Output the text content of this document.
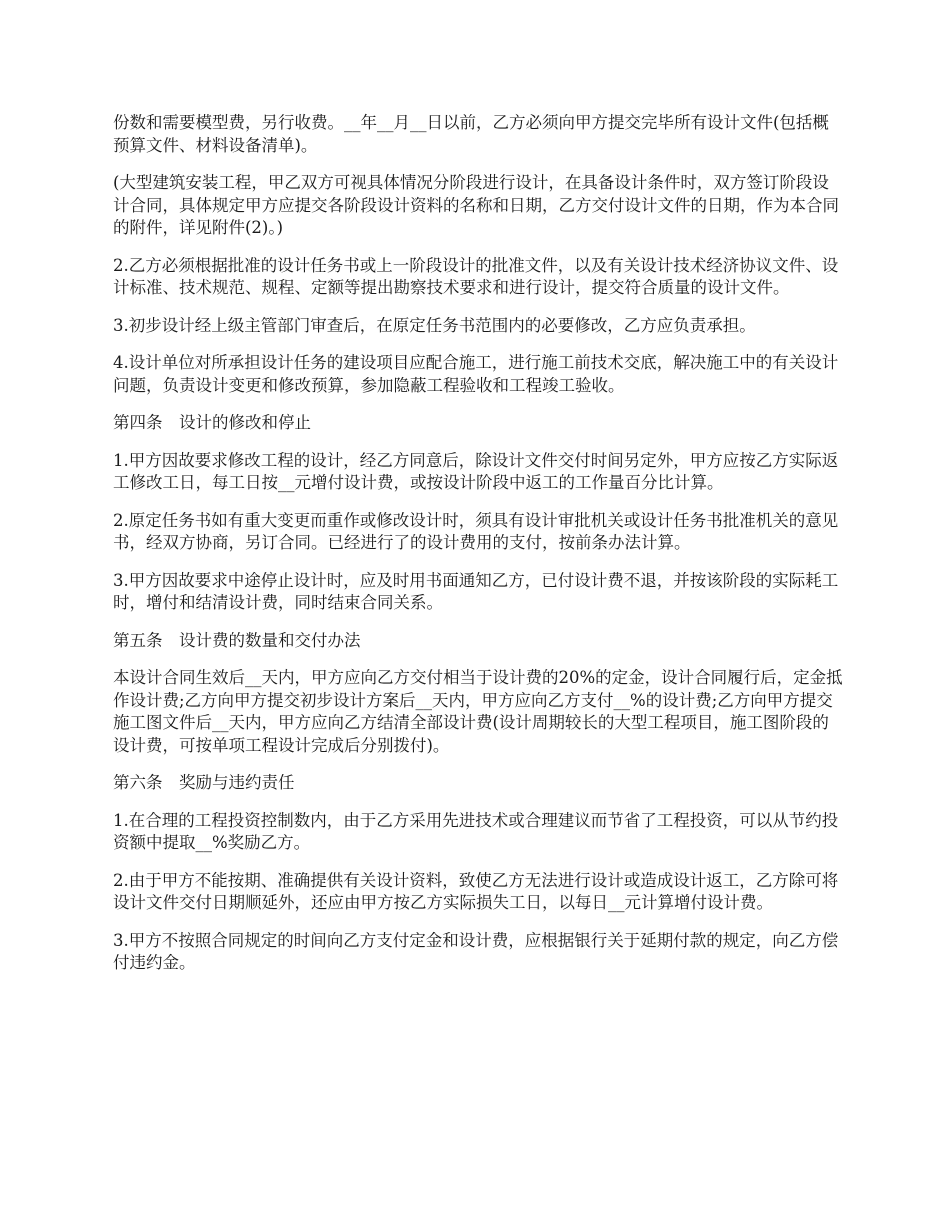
份数和需要模型费，另行收费。__年__月__日以前，乙方必须向甲方提交完毕所有设计文件(包括概预算文件、材料设备清单)。

(大型建筑安装工程，甲乙双方可视具体情况分阶段进行设计，在具备设计条件时，双方签订阶段设计合同，具体规定甲方应提交各阶段设计资料的名称和日期，乙方交付设计文件的日期，作为本合同的附件，详见附件(2)。)

2.乙方必须根据批准的设计任务书或上一阶段设计的批准文件，以及有关设计技术经济协议文件、设计标准、技术规范、规程、定额等提出勘察技术要求和进行设计，提交符合质量的设计文件。

3.初步设计经上级主管部门审查后，在原定任务书范围内的必要修改，乙方应负责承担。

4.设计单位对所承担设计任务的建设项目应配合施工，进行施工前技术交底，解决施工中的有关设计问题，负责设计变更和修改预算，参加隐蔽工程验收和工程竣工验收。

第四条　设计的修改和停止

1.甲方因故要求修改工程的设计，经乙方同意后，除设计文件交付时间另定外，甲方应按乙方实际返工修改工日，每工日按__元增付设计费，或按设计阶段中返工的工作量百分比计算。

2.原定任务书如有重大变更而重作或修改设计时，须具有设计审批机关或设计任务书批准机关的意见书，经双方协商，另订合同。已经进行了的设计费用的支付，按前条办法计算。

3.甲方因故要求中途停止设计时，应及时用书面通知乙方，已付设计费不退，并按该阶段的实际耗工时，增付和结清设计费，同时结束合同关系。

第五条　设计费的数量和交付办法

本设计合同生效后__天内，甲方应向乙方交付相当于设计费的20%的定金，设计合同履行后，定金抵作设计费;乙方向甲方提交初步设计方案后__天内，甲方应向乙方支付__%的设计费;乙方向甲方提交施工图文件后__天内，甲方应向乙方结清全部设计费(设计周期较长的大型工程项目，施工图阶段的设计费，可按单项工程设计完成后分别拨付)。

第六条　奖励与违约责任

1.在合理的工程投资控制数内，由于乙方采用先进技术或合理建议而节省了工程投资，可以从节约投资额中提取__%奖励乙方。

2.由于甲方不能按期、准确提供有关设计资料，致使乙方无法进行设计或造成设计返工，乙方除可将设计文件交付日期顺延外，还应由甲方按乙方实际损失工日，以每日__元计算增付设计费。

3.甲方不按照合同规定的时间向乙方支付定金和设计费，应根据银行关于延期付款的规定，向乙方偿付违约金。
